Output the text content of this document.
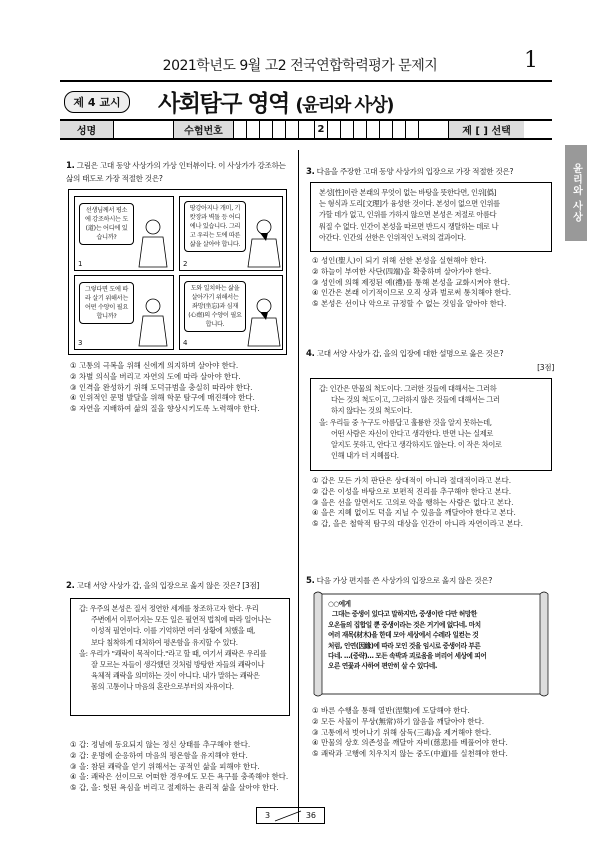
2021학년도 9월 고2 전국연합학력평가 문제지	1
제 4 교시	사회탐구 영역 (윤리와 사상)
성명	수험번호	2	제 [ ] 선택
윤리와 사상
1. 그림은 고대 동양 사상가의 가상 인터뷰이다. 이 사상가가 강조하는 삶의 태도로 가장 적절한 것은?
선생님께서 평소에 강조하시는 도(道)는 어디에 있습니까?
1
땅강아지나 개미, 기왓장과 벽돌 등 어디에나 있습니다. 그리고 우리는 도에 따른 삶을 살아야 합니다.
2
그렇다면 도에 따라 살기 위해서는 어떤 수양이 필요합니까?
3
도와 일치하는 삶을 살아가기 위해서는 좌망(坐忘)과 심재(心齋)의 수양이 필요합니다.
4
① 고통의 극복을 위해 신에게 의지하며 살아야 한다.
② 차별 의식을 버리고 자연의 도에 따라 살아야 한다.
③ 인격을 완성하기 위해 도덕규범을 충실히 따라야 한다.
④ 인위적인 문명 발달을 위해 학문 탐구에 매진해야 한다.
⑤ 자연을 지배하여 삶의 질을 향상시키도록 노력해야 한다.
2. 고대 서양 사상가 갑, 을의 입장으로 옳지 않은 것은? [3점]
갑: 우주의 본성은 질서 정연한 세계를 창조하고자 한다. 우리
주변에서 이루어지는 모든 일은 필연적 법칙에 따라 일어나는
이성적 필연이다. 이를 기억하면 여러 상황에 처했을 때,
보다 침착하게 대처하여 평온함을 유지할 수 있다.
을: 우리가 "쾌락이 목적이다."라고 할 때, 여기서 쾌락은 우리를
잘 모르는 자들이 생각했던 것처럼 방탕한 자들의 쾌락이나
육체적 쾌락을 의미하는 것이 아니다. 내가 말하는 쾌락은
몸의 고통이나 마음의 혼란으로부터의 자유이다.
① 갑: 정념에 동요되지 않는 정신 상태를 추구해야 한다.
② 갑: 운명에 순응하여 마음의 평온함을 유지해야 한다.
③ 을: 참된 쾌락을 얻기 위해서는 공적인 삶을 피해야 한다.
④ 을: 쾌락은 선이므로 어떠한 경우에도 모든 욕구를 충족해야 한다.
⑤ 갑, 을: 헛된 욕심을 버리고 절제하는 윤리적 삶을 살아야 한다.
3. 다음을 주장한 고대 동양 사상가의 입장으로 가장 적절한 것은?
본성[性]이란 본래의 무엇이 없는 바탕을 뜻한다면, 인위[僞]
는 형식과 도리[文理]가 융성한 것이다. 본성이 없으면 인위를
가할 데가 없고, 인위를 가하지 않으면 본성은 저절로 아름다
워질 수 없다. 인간이 본성을 따르면 반드시 쟁탈하는 데로 나
아간다. 인간의 선한은 인위적인 노력의 결과이다.
① 성인(聖人)이 되기 위해 선한 본성을 실현해야 한다.
② 하늘이 부여한 사단(四端)을 확충하며 살아가야 한다.
③ 성인에 의해 제정된 예(禮)를 통해 본성을 교화시켜야 한다.
④ 인간은 본래 이기적이므로 오직 상과 벌로써 통치해야 한다.
⑤ 본성은 선이나 악으로 규정할 수 없는 것임을 알아야 한다.
4. 고대 서양 사상가 갑, 을의 입장에 대한 설명으로 옳은 것은?
[3점]
갑: 인간은 만물의 척도이다. 그러한 것들에 대해서는 그러하
다는 것의 척도이고, 그러하지 않은 것들에 대해서는 그러
하지 않다는 것의 척도이다.
을: 우리들 중 누구도 아름답고 훌륭한 것을 알지 못하는데,
어떤 사람은 자신이 안다고 생각한다. 반면 나는 실제로
알지도 못하고, 안다고 생각하지도 않는다. 이 작은 차이로
인해 내가 더 지혜롭다.
① 갑은 모든 가치 판단은 상대적이 아니라 절대적이라고 본다.
② 갑은 이성을 바탕으로 보편적 진리를 추구해야 한다고 본다.
③ 을은 선을 알면서도 고의로 악을 행하는 사람은 없다고 본다.
④ 을은 지혜 없이도 덕을 지닐 수 있음을 깨달아야 한다고 본다.
⑤ 갑, 을은 철학적 탐구의 대상을 인간이 아니라 자연이라고 본다.
5. 다음 가상 편지를 쓴 사상가의 입장으로 옳지 않은 것은?
○○에게
그대는 중생이 있다고 말하지만, 중생이란 다만 허망한
오온들의 집합일 뿐 중생이라는 것은 거기에 없다네. 마치
여러 재목(材木)을 한데 모아 세상에서 수레라 일컫는 것
처럼, 인연(因緣)에 따라 모인 것을 임시로 중생이라 부른
다네. …(중략)… 모든 속박과 괴로움을 버리어 세상에 피어
오른 연꽃과 사하여 편안히 살 수 있다네.
① 바른 수행을 통해 열반(涅槃)에 도달해야 한다.
② 모든 사물이 무상(無常)하기 않음을 깨달아야 한다.
③ 고통에서 벗어나기 위해 삼독(三毒)을 제거해야 한다.
④ 만물의 상호 의존성을 깨달아 자비(慈悲)를 베풀어야 한다.
⑤ 쾌락과 고행에 치우치지 않는 중도(中道)를 실천해야 한다.
3	36
